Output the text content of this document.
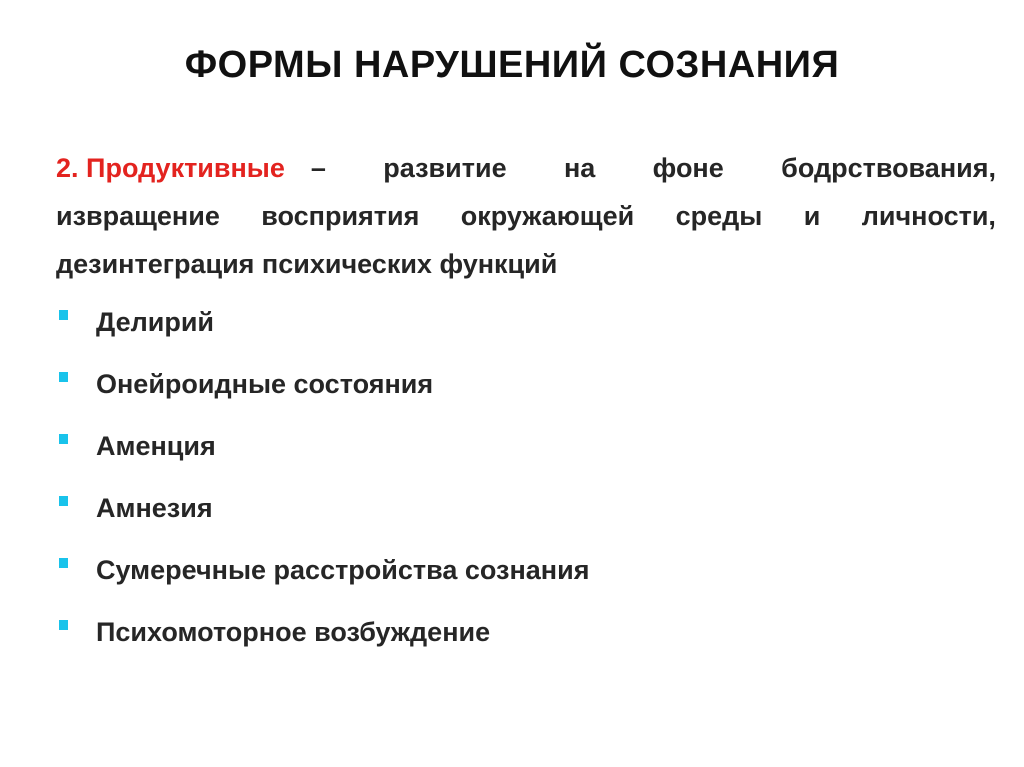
ФОРМЫ НАРУШЕНИЙ СОЗНАНИЯ
2. Продуктивные – развитие на фоне бодрствования,
извращение восприятия окружающей среды и личности,
дезинтеграция психических функций
Делирий
Онейроидные состояния
Аменция
Амнезия
Сумеречные расстройства сознания
Психомоторное возбуждение
